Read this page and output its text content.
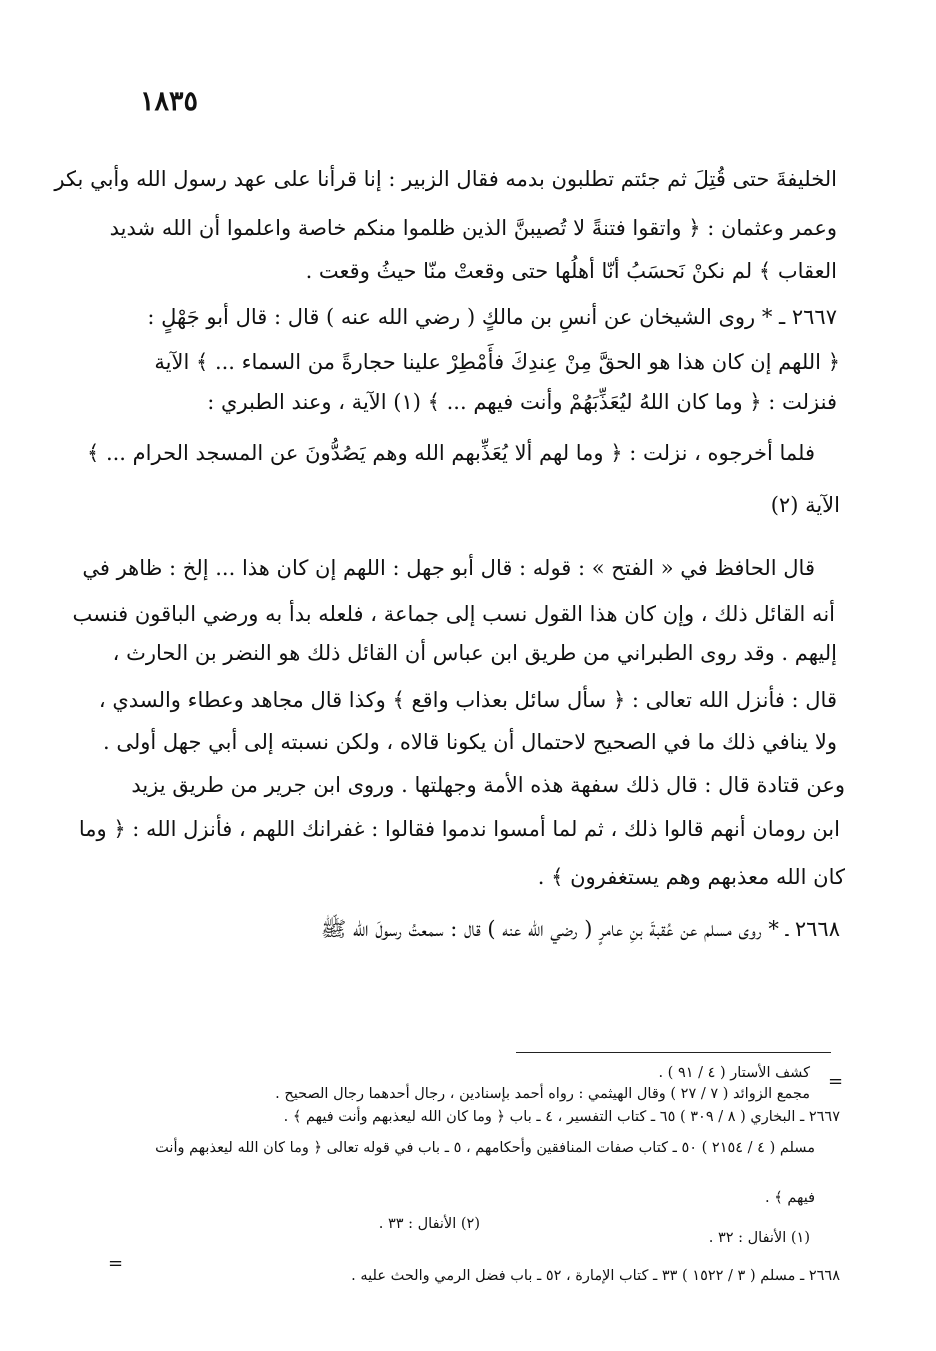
١٨٣٥
الخليفةَ حتى قُتِلَ ثم جئتم تطلبون بدمه فقال الزبير : إنا قرأنا على عهد رسول الله وأبي بكر
وعمر وعثمان : ﴿ واتقوا فتنةً لا تُصيبنَّ الذين ظلموا منكم خاصة واعلموا أن الله شديد
العقاب ﴾ لم نكنْ نَحسَبُ أنّا أهلُها حتى وقعتْ منّا حيثُ وقعت .
٢٦٦٧ ـ * روى الشيخان عن أنسِ بن مالكٍ ( رضي الله عنه ) قال : قال أبو جَهْلٍ :
﴿ اللهم إن كان هذا هو الحقَّ مِنْ عِندِكَ فأَمْطِرْ علينا حجارةً من السماء ... ﴾ الآية
فنزلت : ﴿ وما كان اللهُ ليُعَذِّبَهُمْ وأنت فيهم ... ﴾ (١) الآية ، وعند الطبري :
فلما أخرجوه ، نزلت : ﴿ وما لهم ألا يُعَذِّبهم الله وهم يَصُدُّونَ عن المسجد الحرام ... ﴾
الآية (٢)
قال الحافظ في « الفتح » : قوله : قال أبو جهل : اللهم إن كان هذا ... إلخ : ظاهر في
أنه القائل ذلك ، وإن كان هذا القول نسب إلى جماعة ، فلعله بدأ به ورضي الباقون فنسب
إليهم . وقد روى الطبراني من طريق ابن عباس أن القائل ذلك هو النضر بن الحارث ،
قال : فأنزل الله تعالى : ﴿ سأل سائل بعذاب واقع ﴾ وكذا قال مجاهد وعطاء والسدي ،
ولا ينافي ذلك ما في الصحيح لاحتمال أن يكونا قالاه ، ولكن نسبته إلى أبي جهل أولى .
وعن قتادة قال : قال ذلك سفهة هذه الأمة وجهلتها . وروى ابن جرير من طريق يزيد
ابن رومان أنهم قالوا ذلك ، ثم لما أمسوا ندموا فقالوا : غفرانك اللهم ، فأنزل الله : ﴿ وما
كان الله معذبهم وهم يستغفرون ﴾ .
٢٦٦٨ ـ * روى مسلم عن عُقبةَ بنِ عامرٍ ( رضي الله عنه ) قال : سمعتُ رسولَ الله ﷺ
=
كشف الأستار ( ٤ / ٩١ ) .
مجمع الزوائد ( ٧ / ٢٧ ) وقال الهيثمي : رواه أحمد بإسنادين ، رجال أحدهما رجال الصحيح .
٢٦٦٧ ـ البخاري ( ٨ / ٣٠٩ ) ٦٥ ـ كتاب التفسير ، ٤ ـ باب ﴿ وما كان الله ليعذبهم وأنت فيهم ﴾ .
مسلم ( ٤ / ٢١٥٤ ) ٥٠ ـ كتاب صفات المنافقين وأحكامهم ، ٥ ـ باب في قوله تعالى ﴿ وما كان الله ليعذبهم وأنت
فيهم ﴾ .
(١) الأنفال : ٣٢ .
(٢) الأنفال : ٣٣ .
=
٢٦٦٨ ـ مسلم ( ٣ / ١٥٢٢ ) ٣٣ ـ كتاب الإمارة ، ٥٢ ـ باب فضل الرمي والحث عليه .
